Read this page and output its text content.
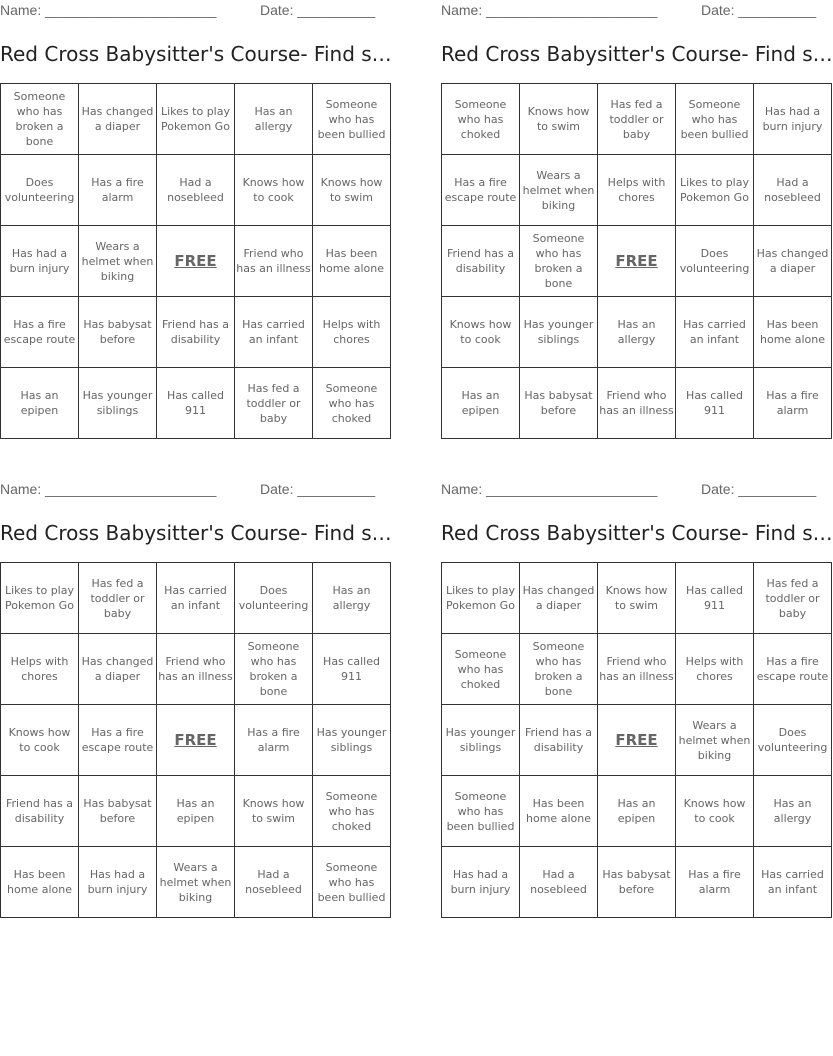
Name: ______________________	Date: __________
Red Cross Babysitter's Course- Find s…
Someone who has broken a bone	Has changed a diaper	Likes to play Pokemon Go	Has an allergy	Someone who has been bullied
Does volunteering	Has a fire alarm	Had a nosebleed	Knows how to cook	Knows how to swim
Has had a burn injury	Wears a helmet when biking	FREE	Friend who has an illness	Has been home alone
Has a fire escape route	Has babysat before	Friend has a disability	Has carried an infant	Helps with chores
Has an epipen	Has younger siblings	Has called 911	Has fed a toddler or baby	Someone who has choked
Name: ______________________	Date: __________
Red Cross Babysitter's Course- Find s…
Someone who has choked	Knows how to swim	Has fed a toddler or baby	Someone who has been bullied	Has had a burn injury
Has a fire escape route	Wears a helmet when biking	Helps with chores	Likes to play Pokemon Go	Had a nosebleed
Friend has a disability	Someone who has broken a bone	FREE	Does volunteering	Has changed a diaper
Knows how to cook	Has younger siblings	Has an allergy	Has carried an infant	Has been home alone
Has an epipen	Has babysat before	Friend who has an illness	Has called 911	Has a fire alarm
Name: ______________________	Date: __________
Red Cross Babysitter's Course- Find s…
Likes to play Pokemon Go	Has fed a toddler or baby	Has carried an infant	Does volunteering	Has an allergy
Helps with chores	Has changed a diaper	Friend who has an illness	Someone who has broken a bone	Has called 911
Knows how to cook	Has a fire escape route	FREE	Has a fire alarm	Has younger siblings
Friend has a disability	Has babysat before	Has an epipen	Knows how to swim	Someone who has choked
Has been home alone	Has had a burn injury	Wears a helmet when biking	Had a nosebleed	Someone who has been bullied
Name: ______________________	Date: __________
Red Cross Babysitter's Course- Find s…
Likes to play Pokemon Go	Has changed a diaper	Knows how to swim	Has called 911	Has fed a toddler or baby
Someone who has choked	Someone who has broken a bone	Friend who has an illness	Helps with chores	Has a fire escape route
Has younger siblings	Friend has a disability	FREE	Wears a helmet when biking	Does volunteering
Someone who has been bullied	Has been home alone	Has an epipen	Knows how to cook	Has an allergy
Has had a burn injury	Had a nosebleed	Has babysat before	Has a fire alarm	Has carried an infant
